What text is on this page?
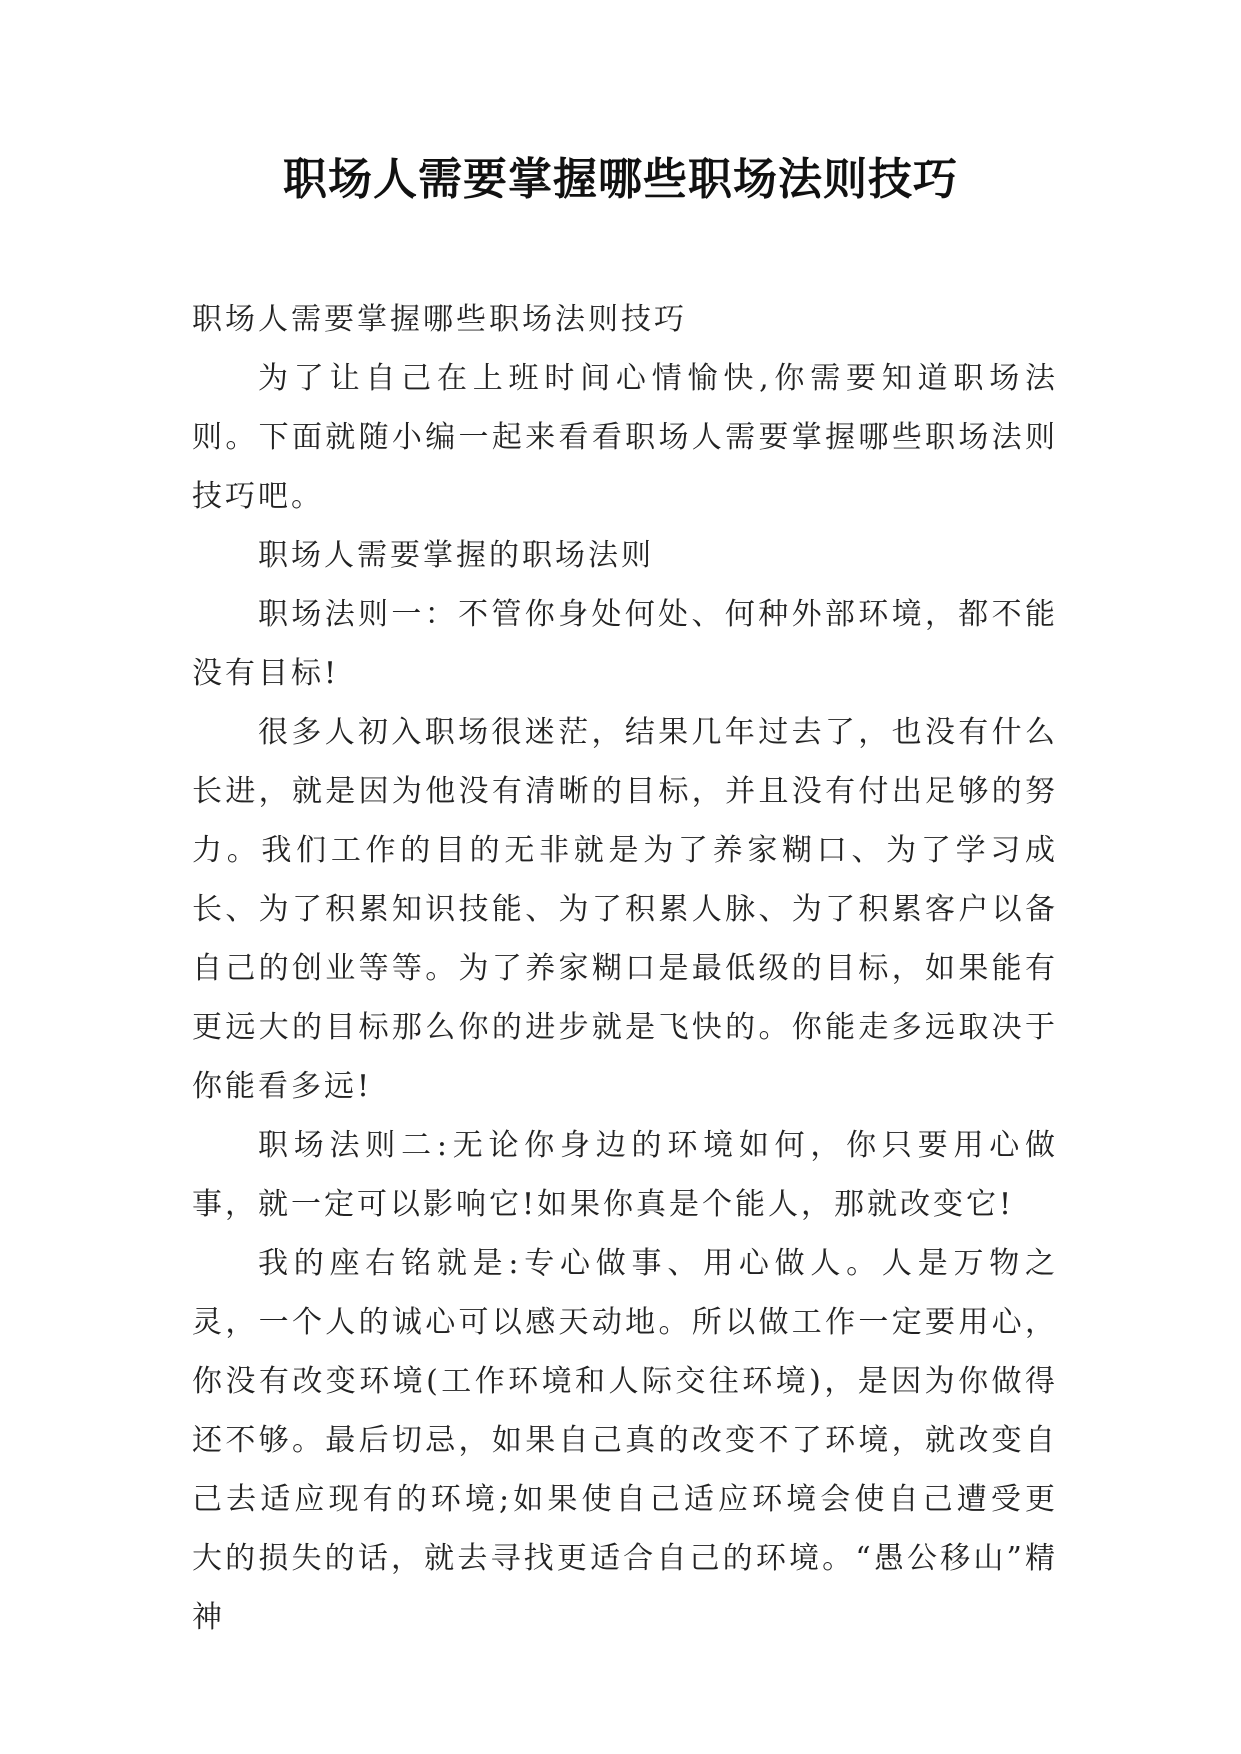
职场人需要掌握哪些职场法则技巧

职场人需要掌握哪些职场法则技巧

为了让自己在上班时间心情愉快,你需要知道职场法则。下面就随小编一起来看看职场人需要掌握哪些职场法则技巧吧。

职场人需要掌握的职场法则

职场法则一：不管你身处何处、何种外部环境，都不能没有目标!

很多人初入职场很迷茫，结果几年过去了，也没有什么长进，就是因为他没有清晰的目标，并且没有付出足够的努力。我们工作的目的无非就是为了养家糊口、为了学习成长、为了积累知识技能、为了积累人脉、为了积累客户以备自己的创业等等。为了养家糊口是最低级的目标，如果能有更远大的目标那么你的进步就是飞快的。你能走多远取决于你能看多远!

职场法则二:无论你身边的环境如何，你只要用心做事，就一定可以影响它!如果你真是个能人，那就改变它!

我的座右铭就是:专心做事、用心做人。人是万物之灵，一个人的诚心可以感天动地。所以做工作一定要用心，你没有改变环境(工作环境和人际交往环境)，是因为你做得还不够。最后切忌，如果自己真的改变不了环境，就改变自己去适应现有的环境;如果使自己适应环境会使自己遭受更大的损失的话，就去寻找更适合自己的环境。“愚公移山”精神
